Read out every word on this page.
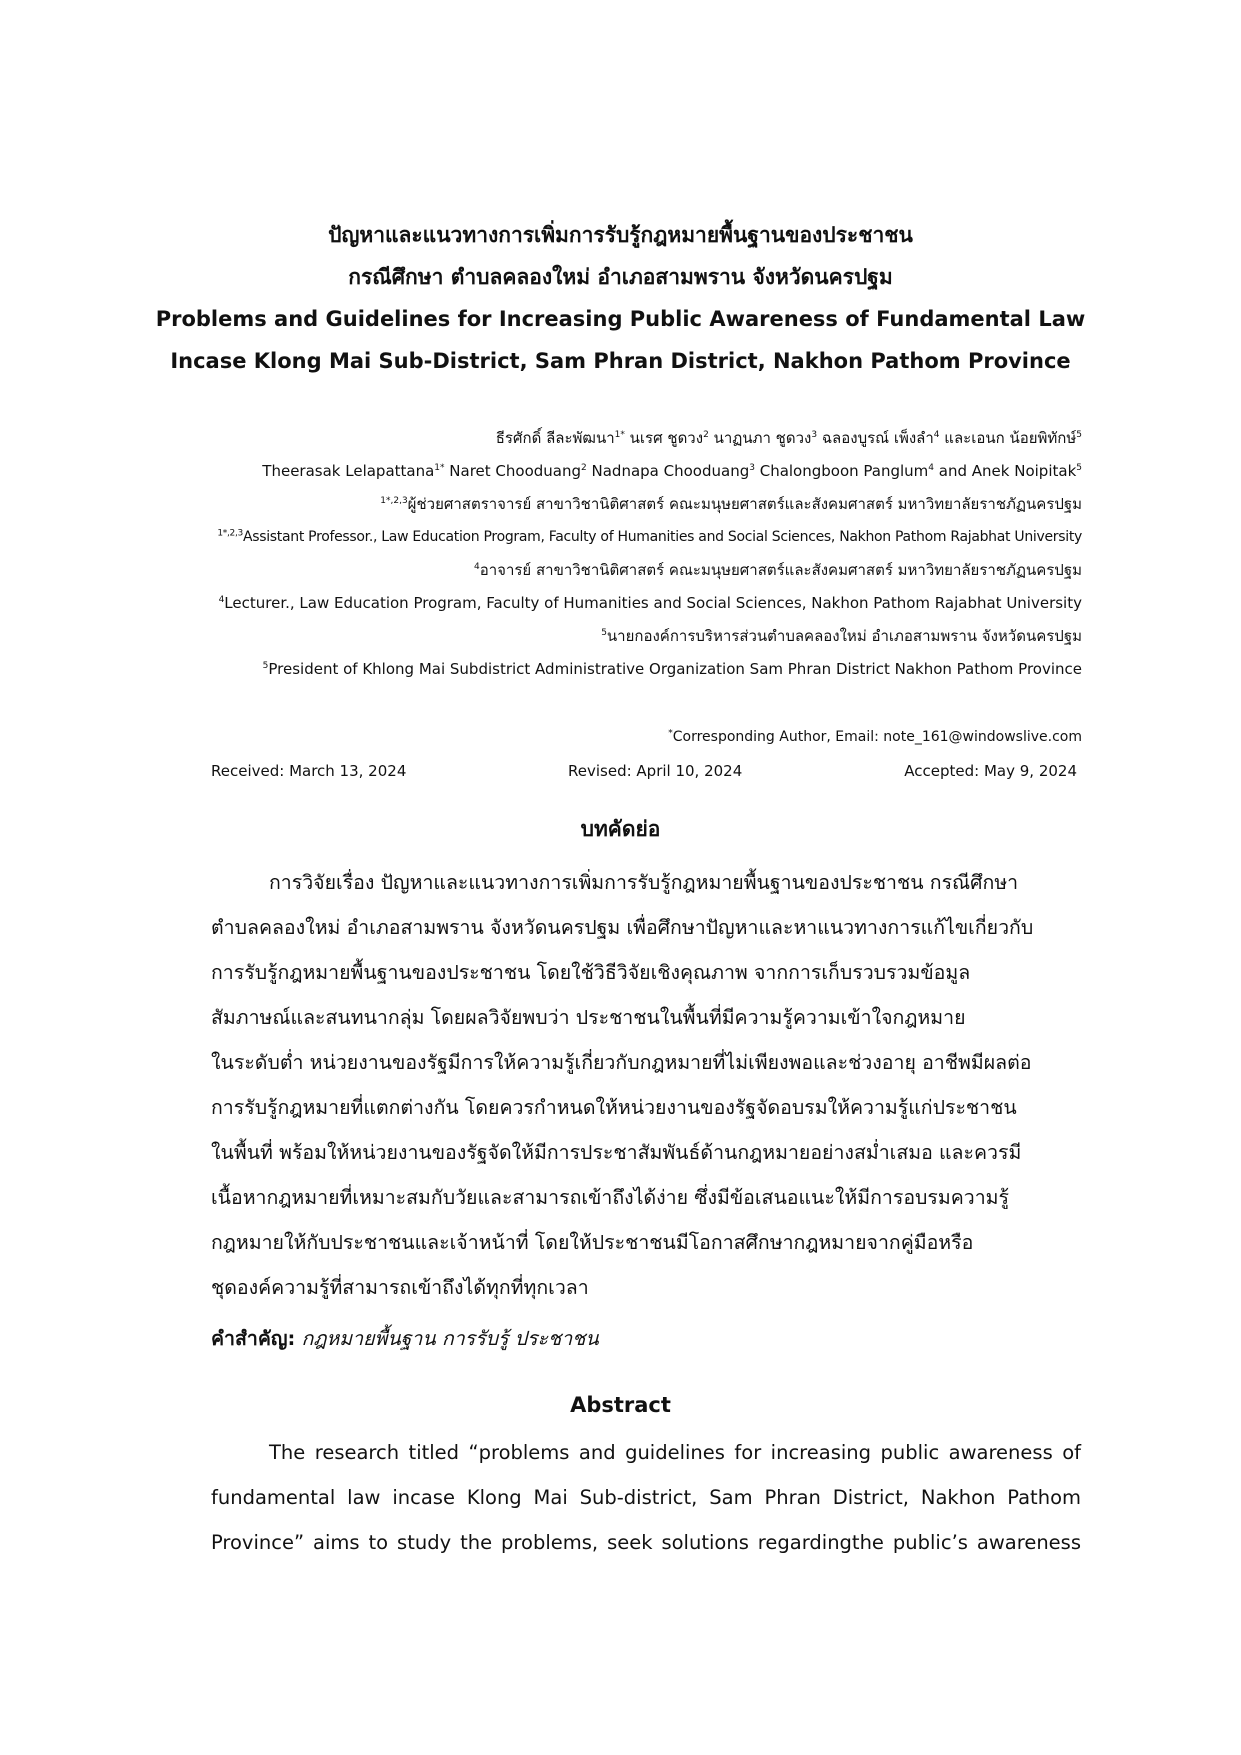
ปัญหาและแนวทางการเพิ่มการรับรู้กฎหมายพื้นฐานของประชาชน

กรณีศึกษา ตำบลคลองใหม่ อำเภอสามพราน จังหวัดนครปฐม

Problems and Guidelines for Increasing Public Awareness of Fundamental Law

Incase Klong Mai Sub-District, Sam Phran District, Nakhon Pathom Province

ธีรศักดิ์ ลีละพัฒนา$^{1*}$ นเรศ ชูดวง$^2$ นาฏนภา ชูดวง$^3$ ฉลองบูรณ์ เพ็งลำ$^4$ และเอนก น้อยพิทักษ์$^5$

Theerasak Lelapattana$^{1*}$ Naret Chooduang$^2$ Nadnapa Chooduang$^3$ Chalongboon Panglum$^4$ and Anek Noipitak$^5$

$^{1*,2,3}$ผู้ช่วยศาสตราจารย์ สาขาวิชานิติศาสตร์ คณะมนุษยศาสตร์และสังคมศาสตร์ มหาวิทยาลัยราชภัฏนครปฐม

$^{1*,2,3}$Assistant Professor., Law Education Program, Faculty of Humanities and Social Sciences, Nakhon Pathom Rajabhat University

$^4$อาจารย์ สาขาวิชานิติศาสตร์ คณะมนุษยศาสตร์และสังคมศาสตร์ มหาวิทยาลัยราชภัฏนครปฐม

$^4$Lecturer., Law Education Program, Faculty of Humanities and Social Sciences, Nakhon Pathom Rajabhat University

$^5$นายกองค์การบริหารส่วนตำบลคลองใหม่ อำเภอสามพราน จังหวัดนครปฐม

$^5$President of Khlong Mai Subdistrict Administrative Organization Sam Phran District Nakhon Pathom Province

*Corresponding Author, Email: note_161@windowslive.com
Received: March 13, 2024	Revised: April 10, 2024	Accepted: May 9, 2024
บทคัดย่อ

การวิจัยเรื่อง ปัญหาและแนวทางการเพิ่มการรับรู้กฎหมายพื้นฐานของประชาชน กรณีศึกษา

ตำบลคลองใหม่ อำเภอสามพราน จังหวัดนครปฐม เพื่อศึกษาปัญหาและหาแนวทางการแก้ไขเกี่ยวกับ

การรับรู้กฎหมายพื้นฐานของประชาชน โดยใช้วิธีวิจัยเชิงคุณภาพ จากการเก็บรวบรวมข้อมูล

สัมภาษณ์และสนทนากลุ่ม โดยผลวิจัยพบว่า ประชาชนในพื้นที่มีความรู้ความเข้าใจกฎหมาย

ในระดับต่ำ หน่วยงานของรัฐมีการให้ความรู้เกี่ยวกับกฎหมายที่ไม่เพียงพอและช่วงอายุ อาชีพมีผลต่อ

การรับรู้กฎหมายที่แตกต่างกัน โดยควรกำหนดให้หน่วยงานของรัฐจัดอบรมให้ความรู้แก่ประชาชน

ในพื้นที่ พร้อมให้หน่วยงานของรัฐจัดให้มีการประชาสัมพันธ์ด้านกฎหมายอย่างสม่ำเสมอ และควรมี

เนื้อหากฎหมายที่เหมาะสมกับวัยและสามารถเข้าถึงได้ง่าย ซึ่งมีข้อเสนอแนะให้มีการอบรมความรู้

กฎหมายให้กับประชาชนและเจ้าหน้าที่ โดยให้ประชาชนมีโอกาสศึกษากฎหมายจากคู่มือหรือ

ชุดองค์ความรู้ที่สามารถเข้าถึงได้ทุกที่ทุกเวลา

คำสำคัญ: กฎหมายพื้นฐาน การรับรู้ ประชาชน
Abstract

The research titled “problems and guidelines for increasing public awareness of

fundamental law incase Klong Mai Sub-district, Sam Phran District, Nakhon Pathom

Province” aims to study the problems, seek solutions regardingthe public’s awareness
